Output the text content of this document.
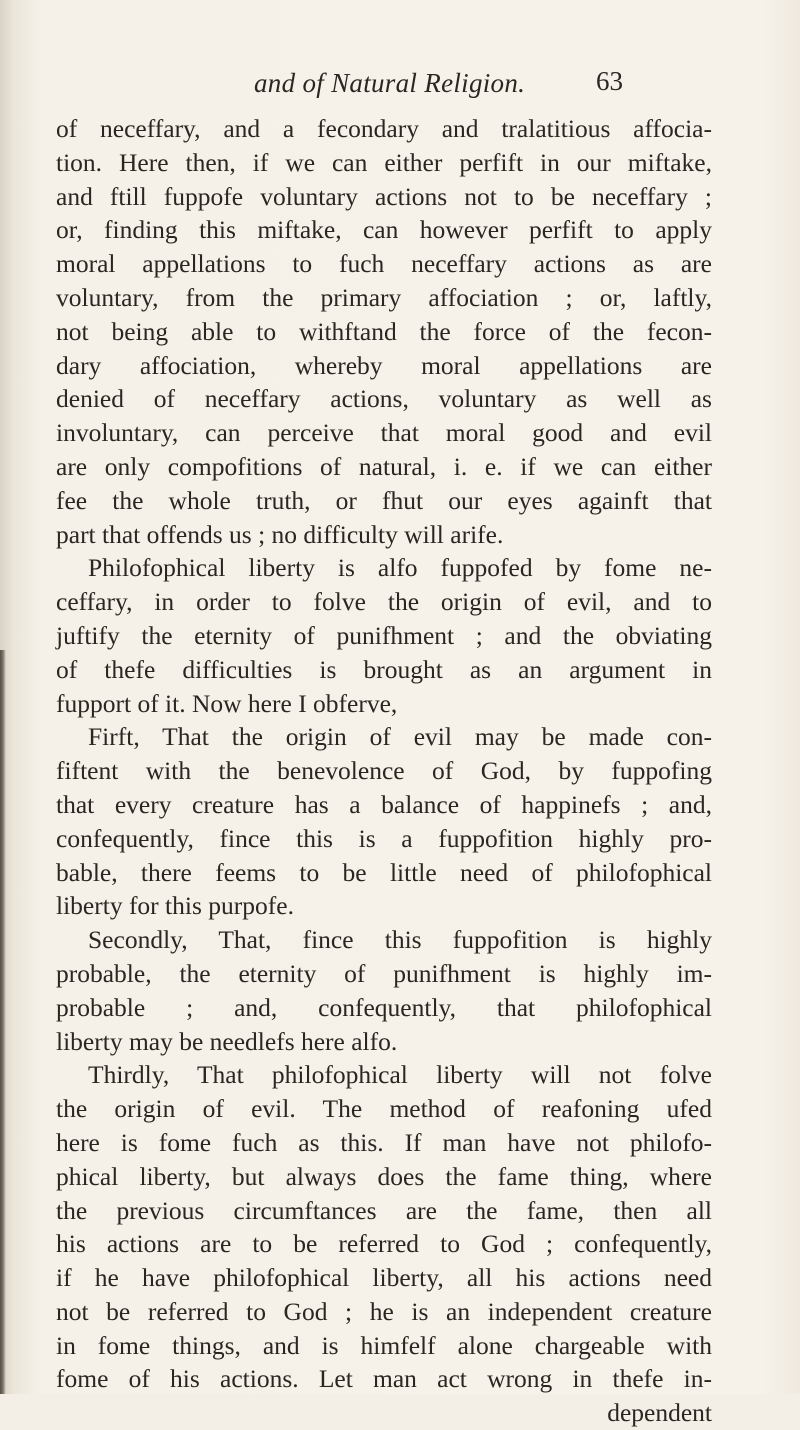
and of Natural Religion.	63
of neceffary, and a fecondary and tralatitious affocia-
tion. Here then, if we can either perfift in our miftake,
and ftill fuppofe voluntary actions not to be neceffary ;
or, finding this miftake, can however perfift to apply
moral appellations to fuch neceffary actions as are
voluntary, from the primary affociation ; or, laftly,
not being able to withftand the force of the fecon-
dary affociation, whereby moral appellations are
denied of neceffary actions, voluntary as well as
involuntary, can perceive that moral good and evil
are only compofitions of natural, i. e. if we can either
fee the whole truth, or fhut our eyes againft that
part that offends us ; no difficulty will arife.
Philofophical liberty is alfo fuppofed by fome ne-
ceffary, in order to folve the origin of evil, and to
juftify the eternity of punifhment ; and the obviating
of thefe difficulties is brought as an argument in
fupport of it. Now here I obferve,
Firft, That the origin of evil may be made con-
fiftent with the benevolence of God, by fuppofing
that every creature has a balance of happinefs ; and,
confequently, fince this is a fuppofition highly pro-
bable, there feems to be little need of philofophical
liberty for this purpofe.
Secondly, That, fince this fuppofition is highly
probable, the eternity of punifhment is highly im-
probable ; and, confequently, that philofophical
liberty may be needlefs here alfo.
Thirdly, That philofophical liberty will not folve
the origin of evil. The method of reafoning ufed
here is fome fuch as this. If man have not philofo-
phical liberty, but always does the fame thing, where
the previous circumftances are the fame, then all
his actions are to be referred to God ; confequently,
if he have philofophical liberty, all his actions need
not be referred to God ; he is an independent creature
in fome things, and is himfelf alone chargeable with
fome of his actions. Let man act wrong in thefe in-
dependent
